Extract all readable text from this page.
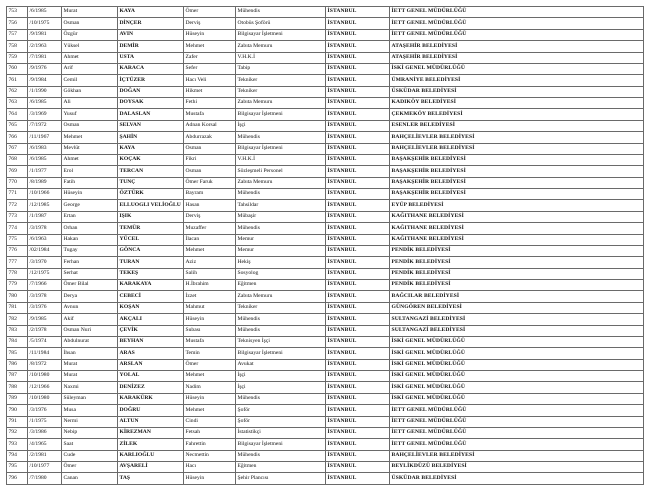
753	/6/1985	Murat	KAYA	Ömer	Mühendis	İSTANBUL	İETT GENEL MÜDÜRLÜĞÜ
756	/10/1975	Osman	DİNÇER	Derviş	Otobüs Şoförü	İSTANBUL	İETT GENEL MÜDÜRLÜĞÜ
757	/9/1981	Özgür	AVIN	Hüseyin	Bilgisayar İşletmeni	İSTANBUL	İETT GENEL MÜDÜRLÜĞÜ
758	/2/1963	Yüksel	DEMİR	Mehmet	Zabıta Memuru	İSTANBUL	ATAŞEHİR BELEDİYESİ
759	/7/1981	Ahmet	USTA	Zafer	V.H.K.İ	İSTANBUL	ATAŞEHİR BELEDİYESİ
760	/9/1976	Arif	KARACA	Sefer	Tabip	İSTANBUL	İSKİ GENEL MÜDÜRLÜĞÜ
761	/9/1984	Cemil	İÇTÜZER	Hacı Veli	Tekniker	İSTANBUL	ÜMRANİYE BELEDİYESİ
762	/1/1990	Gökhan	DOĞAN	Hikmet	Tekniker	İSTANBUL	ÜSKÜDAR BELEDİYESİ
763	/6/1985	Ali	DOYSAK	Fethi	Zabıta Memuru	İSTANBUL	KADIKÖY BELEDİYESİ
764	/3/1969	Yusuf	DALASLAN	Mustafa	Bilgisayar İşletmeni	İSTANBUL	ÇEKMEKÖY BELEDİYESİ
765	/7/1972	Osman	SELVAN	Adnan Korsal	İşçi	İSTANBUL	ESENLER BELEDİYESİ
766	/11/1967	Mehmet	ŞAHİN	Abdurrazak	Mühendis	İSTANBUL	BAHÇELİEVLER BELEDİYESİ
767	/6/1983	Mevlüt	KAYA	Osman	Bilgisayar İşletmeni	İSTANBUL	BAHÇELİEVLER BELEDİYESİ
768	/6/1985	Ahmet	KOÇAK	Fikri	V.H.K.İ	İSTANBUL	BAŞAKŞEHİR BELEDİYESİ
769	/1/1977	Erol	TERCAN	Osman	Sözleşmeli Personel	İSTANBUL	BAŞAKŞEHİR BELEDİYESİ
770	/8/1989	Fatih	TUNÇ	Ömer Faruk	Zabıta Memuru	İSTANBUL	BAŞAKŞEHİR BELEDİYESİ
771	/10/1966	Hüseyin	ÖZTÜRK	Bayram	Mühendis	İSTANBUL	BAŞAKŞEHİR BELEDİYESİ
772	/12/1985	George	ELLUOGLI VELİOĞLU	Hasan	Tahsildar	İSTANBUL	EYÜP BELEDİYESİ
773	/1/1987	Ertan	IŞIK	Derviş	Mübaşir	İSTANBUL	KAĞITHANE BELEDİYESİ
774	/3/1978	Orhan	TEMÜR	Muzaffer	Mühendis	İSTANBUL	KAĞITHANE BELEDİYESİ
775	/6/1963	Hakan	YÜCEL	İlacan	Memur	İSTANBUL	KAĞITHANE BELEDİYESİ
776	/02/1984	Tugay	GÖNCA	Mehmet	Memur	İSTANBUL	PENDİK BELEDİYESİ
777	/3/1970	Ferhan	TURAN	Aziz	Hekiş	İSTANBUL	PENDİK BELEDİYESİ
778	/12/1975	Serhat	TEKEŞ	Salih	Sosyolog	İSTANBUL	PENDİK BELEDİYESİ
779	/7/1966	Ömer Bilal	KARAKAYA	H.İbrahim	Eğitmen	İSTANBUL	PENDİK BELEDİYESİ
780	/3/1978	Derya	CEBECİ	İzzet	Zabıta Memuru	İSTANBUL	BAĞCILAR BELEDİYESİ
781	/3/1976	Avnun	KOŞAN	Mahmut	Tekniker	İSTANBUL	GÜNGÖREN BELEDİYESİ
782	/9/1985	Akif	AKÇALI	Hüseyin	Mühendis	İSTANBUL	SULTANGAZİ BELEDİYESİ
783	/2/1978	Osman Nuri	ÇEVİK	Subası	Mühendis	İSTANBUL	SULTANGAZİ BELEDİYESİ
784	/5/1974	Abdulnurat	BEYHAN	Mustafa	Teknisyen İşçi	İSTANBUL	İSKİ GENEL MÜDÜRLÜĞÜ
785	/11/1984	İhsan	ARAS	Temin	Bilgisayar İşletmeni	İSTANBUL	İSKİ GENEL MÜDÜRLÜĞÜ
786	/8/1972	Murat	ARSLAN	Ömer	Avukat	İSTANBUL	İSKİ GENEL MÜDÜRLÜĞÜ
787	/10/1980	Murat	YOLAL	Mehmet	İşçi	İSTANBUL	İSKİ GENEL MÜDÜRLÜĞÜ
788	/12/1966	Naxmi	DENİZEZ	Nadim	İşçi	İSTANBUL	İSKİ GENEL MÜDÜRLÜĞÜ
789	/10/1980	Süleyman	KARAKÜRK	Hüseyin	Mühendis	İSTANBUL	İSKİ GENEL MÜDÜRLÜĞÜ
790	/3/1976	Musa	DOĞRU	Mehmet	Şoför	İSTANBUL	İETT GENEL MÜDÜRLÜĞÜ
791	/1/1975	Nermi	ALTUN	Cindi	Şoför	İSTANBUL	İETT GENEL MÜDÜRLÜĞÜ
792	/3/1986	Nebip	KİREZMAN	Fetsah	İstatistikçi	İSTANBUL	İETT GENEL MÜDÜRLÜĞÜ
793	/4/1965	Saat	ZİLEK	Fahrettin	Bilgisayar İşletmeni	İSTANBUL	İETT GENEL MÜDÜRLÜĞÜ
794	/2/1981	Cude	KARLIOĞLU	Necmettin	Mühendis	İSTANBUL	BAHÇELİEVLER BELEDİYESİ
795	/10/1977	Ömer	AVŞARELİ	Hacı	Eğitmen	İSTANBUL	BEYLİKDÜZÜ BELEDİYESİ
796	/7/1980	Canan	TAŞ	Hüseyin	Şehir Plancısı	İSTANBUL	ÜSKÜDAR BELEDİYESİ
